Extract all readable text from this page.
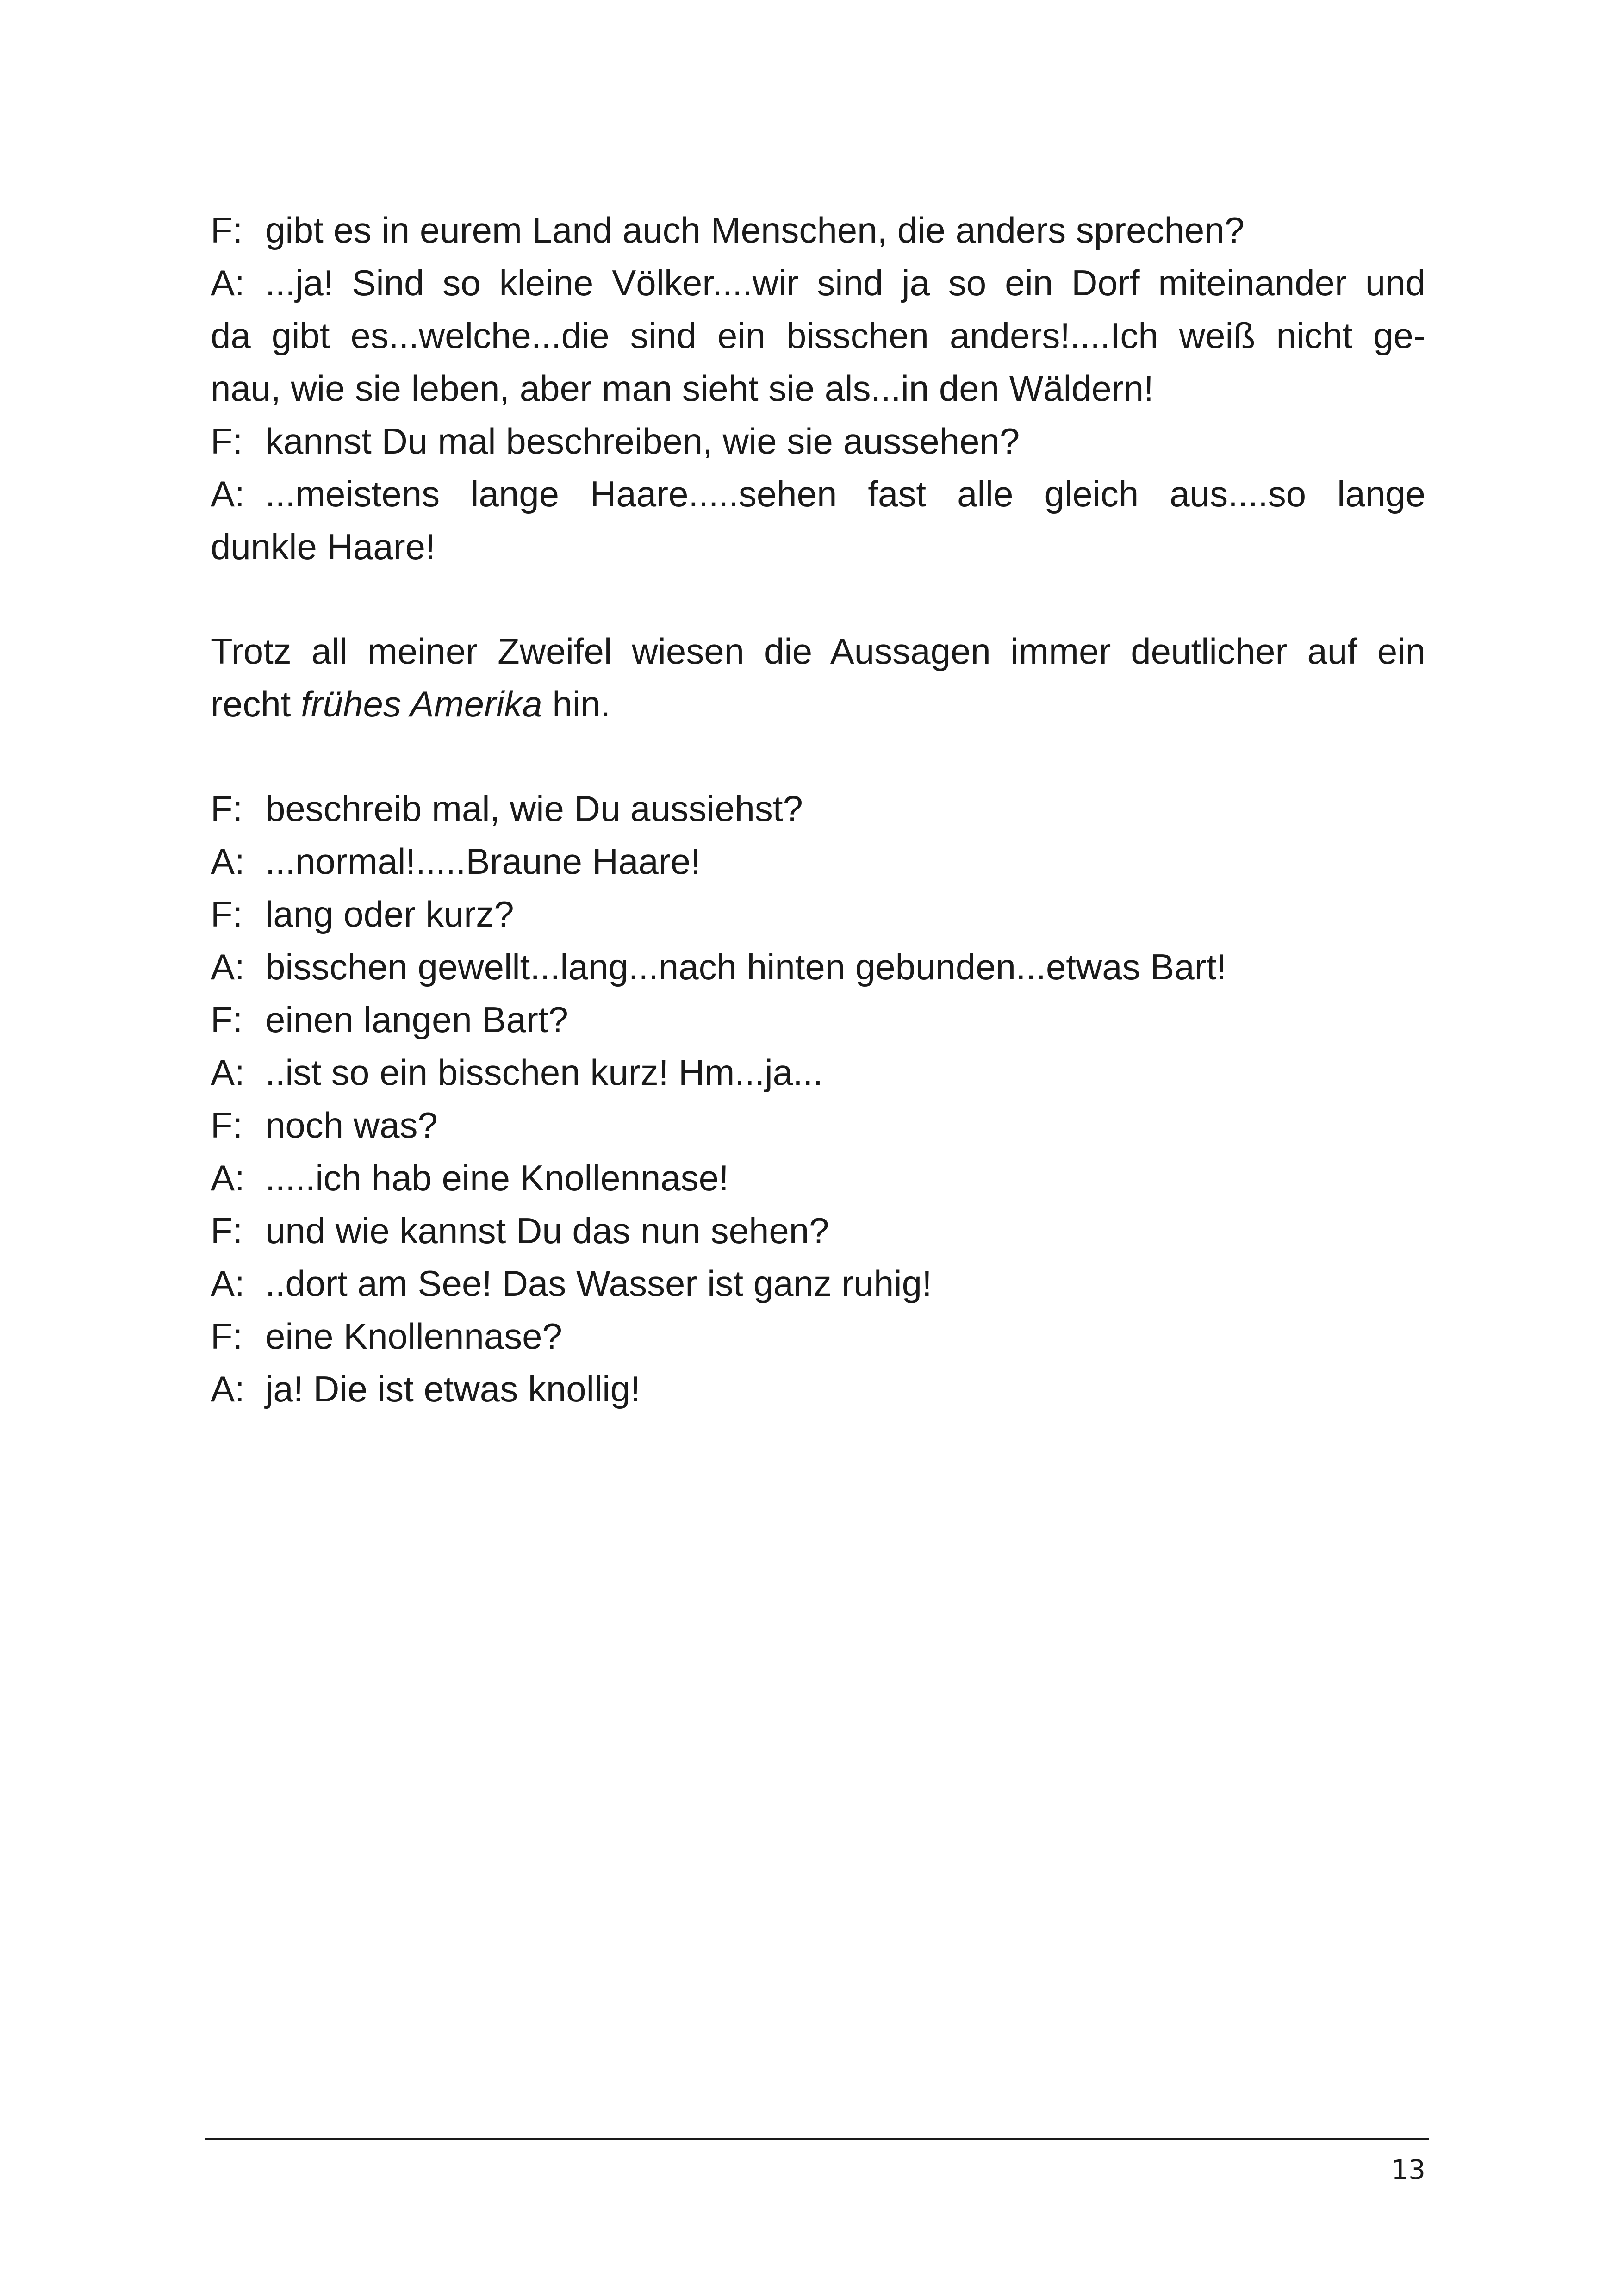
F: gibt es in eurem Land auch Menschen, die anders sprechen?
A: ...ja! Sind so kleine Völker....wir sind ja so ein Dorf miteinander und
da gibt es...welche...die sind ein bisschen anders!....Ich weiß nicht ge-
nau, wie sie leben, aber man sieht sie als...in den Wäldern!
F: kannst Du mal beschreiben, wie sie aussehen?
A: ...meistens lange Haare.....sehen fast alle gleich aus....so lange
dunkle Haare!
Trotz all meiner Zweifel wiesen die Aussagen immer deutlicher auf ein
recht frühes Amerika hin.
F: beschreib mal, wie Du aussiehst?
A: ...normal!.....Braune Haare!
F: lang oder kurz?
A: bisschen gewellt...lang...nach hinten gebunden...etwas Bart!
F: einen langen Bart?
A: ..ist so ein bisschen kurz! Hm...ja...
F: noch was?
A: .....ich hab eine Knollennase!
F: und wie kannst Du das nun sehen?
A: ..dort am See! Das Wasser ist ganz ruhig!
F: eine Knollennase?
A: ja! Die ist etwas knollig!
13
